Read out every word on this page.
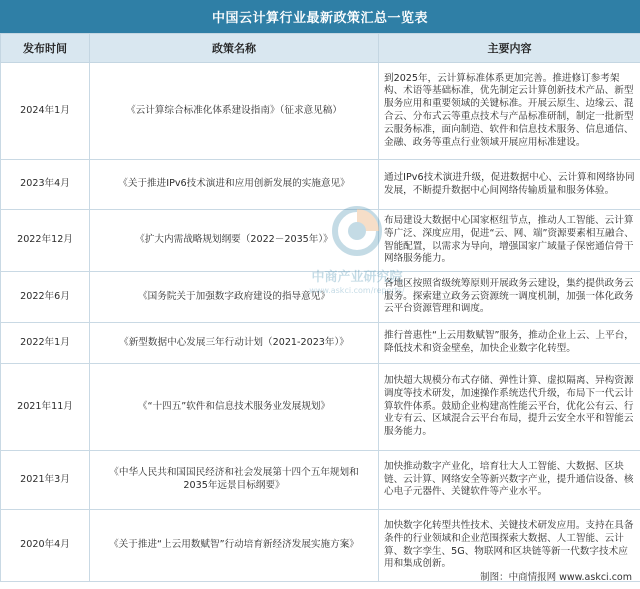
中国云计算行业最新政策汇总一览表
发布时间	政策名称	主要内容
2024年1月	《云计算综合标准化体系建设指南》（征求意见稿）	到2025年，云计算标准体系更加完善。推进修订参考架构、术语等基础标准，优先制定云计算创新技术产品、新型服务应用和重要领域的关键标准。开展云原生、边缘云、混合云、分布式云等重点技术与产品标准研制，制定一批新型云服务标准，面向制造、软件和信息技术服务、信息通信、金融、政务等重点行业领域开展应用标准建设。
2023年4月	《关于推进IPv6技术演进和应用创新发展的实施意见》	通过IPv6技术演进升级，促进数据中心、云计算和网络协同发展，不断提升数据中心间网络传输质量和服务体验。
2022年12月	《扩大内需战略规划纲要（2022－2035年）》	布局建设大数据中心国家枢纽节点，推动人工智能、云计算等广泛、深度应用，促进“云、网、端”资源要素相互融合、智能配置，以需求为导向，增强国家广域量子保密通信骨干网络服务能力。
2022年6月	《国务院关于加强数字政府建设的指导意见》	各地区按照省级统筹原则开展政务云建设，集约提供政务云服务。探索建立政务云资源统一调度机制，加强一体化政务云平台资源管理和调度。
2022年1月	《新型数据中心发展三年行动计划（2021-2023年）》	推行普惠性“上云用数赋智”服务，推动企业上云、上平台，降低技术和资金壁垒，加快企业数字化转型。
2021年11月	《“十四五”软件和信息技术服务业发展规划》	加快超大规模分布式存储、弹性计算、虚拟隔离、异构资源调度等技术研发，加速操作系统迭代升级，布局下一代云计算软件体系。鼓励企业构建高性能云平台，优化公有云、行业专有云、区域混合云平台布局，提升云安全水平和智能云服务能力。
2021年3月	《中华人民共和国国民经济和社会发展第十四个五年规划和2035年远景目标纲要》	加快推动数字产业化，培育壮大人工智能、大数据、区块链、云计算、网络安全等新兴数字产业，提升通信设备、核心电子元器件、关键软件等产业水平。
2020年4月	《关于推进“上云用数赋智”行动培育新经济发展实施方案》	加快数字化转型共性技术、关键技术研发应用。支持在具备条件的行业领域和企业范围探索大数据、人工智能、云计算、数字孪生、5G、物联网和区块链等新一代数字技术应用和集成创新。
中商产业研究院
www.askci.com/reports/
制图：中商情报网 www.askci.com
